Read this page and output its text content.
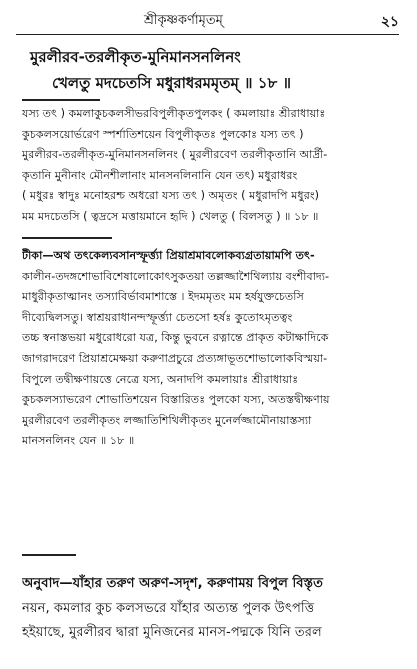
শ্রীকৃষ্ণকর্ণামৃতম্	২১
মুরলীরব-তরলীকৃত-মুনিমানসনলিনং
খেলতু মদচেতসি মধুরাধরমমৃতম্ ॥ ১৮ ॥
যস্য তৎ ) কমলাকুচকলসীভরবিপুলীকৃতপুলকং ( কমলায়াঃ শ্রীরাধায়াঃ
কুচকলসয়োর্ভরেণ স্পর্শাতিশয়েন বিপুলীকৃতঃ পুলকোঃ যস্য তৎ )
মুরলীরব-তরলীকৃত-মুনিমানসনলিনং ( মুরলীরবেণ তরলীকৃতানি আর্দ্রী-
কৃতানি মুনীনাং মৌনশীলানাং মানসনলিনানি যেন তৎ) মধুরাধরং
( মধুরঃ স্বাদুঃ মনোহরশ্চ অধরো যস্য তৎ ) অমৃতং ( মধুরাদপি মধুরং)
মম মদচেতসি ( ত্বদ্রসে মত্তায়মানে হৃদি ) খেলতু ( বিলসতু ) ॥ ১৮ ॥
টীকা—অথ তৎকেল্যবসানস্ফূর্ত্ত্যা প্রিয়াশ্রমাবলোকব্যগ্রতায়ামপি তৎ-
কালীন-তদঙ্গশোভাবিশেষালোকোৎসুকতয়া তল্লজ্জাশৈথিল্যায় বংশীবাদ্য-
মাধুরীকৃতাত্মানং তস্যাবির্ভাবমাশাস্তে । ইদমমৃতং মম হর্ষযুক্তচেতসি
দীব্যেদ্বিলসতু। স্বাশ্রয়রাধানন্দস্ফূর্ত্ত্যা চেতসো হর্ষঃ কুতোঽমৃতত্বং
তচ্চ স্বনাস্তভয়া মধুরোধরো যত্র, কিন্তু ভুবনে রত্নান্তে প্রাকৃত কটাক্ষাদিকে
জাগরাদরেণ প্রিয়াশ্রমেক্ষয়া করুণাপ্রচুরে প্রত্যঙ্গাভূতশোভালোকবিস্ময়া-
বিপুলে তদ্বীক্ষণায়ত্তে নেত্রে যস্য, অনাদপি কমলায়াঃ শ্রীরাধায়াঃ
কুচকলস্যাভরেণ শোভাতিশয়েন বিস্তারিতঃ পুলকো যস্য, অতস্তদ্বীক্ষণায়
মুরলীরবেণ তরলীকৃতং লজ্জাতিশিথিলীকৃতং মুনের্লজ্জামৌনায়াস্তস্যা
মানসনলিনং যেন ॥ ১৮ ॥
অনুবাদ—যাঁহার তরুণ অরুণ-সদৃশ, করুণাময় বিপুল বিস্তৃত
নয়ন, কমলার কুচ কলসভরে যাঁহার অত্যন্ত পুলক উৎপত্তি
হইয়াছে, মুরলীরব দ্বারা মুনিজনের মানস-পদ্মকে যিনি তরল
